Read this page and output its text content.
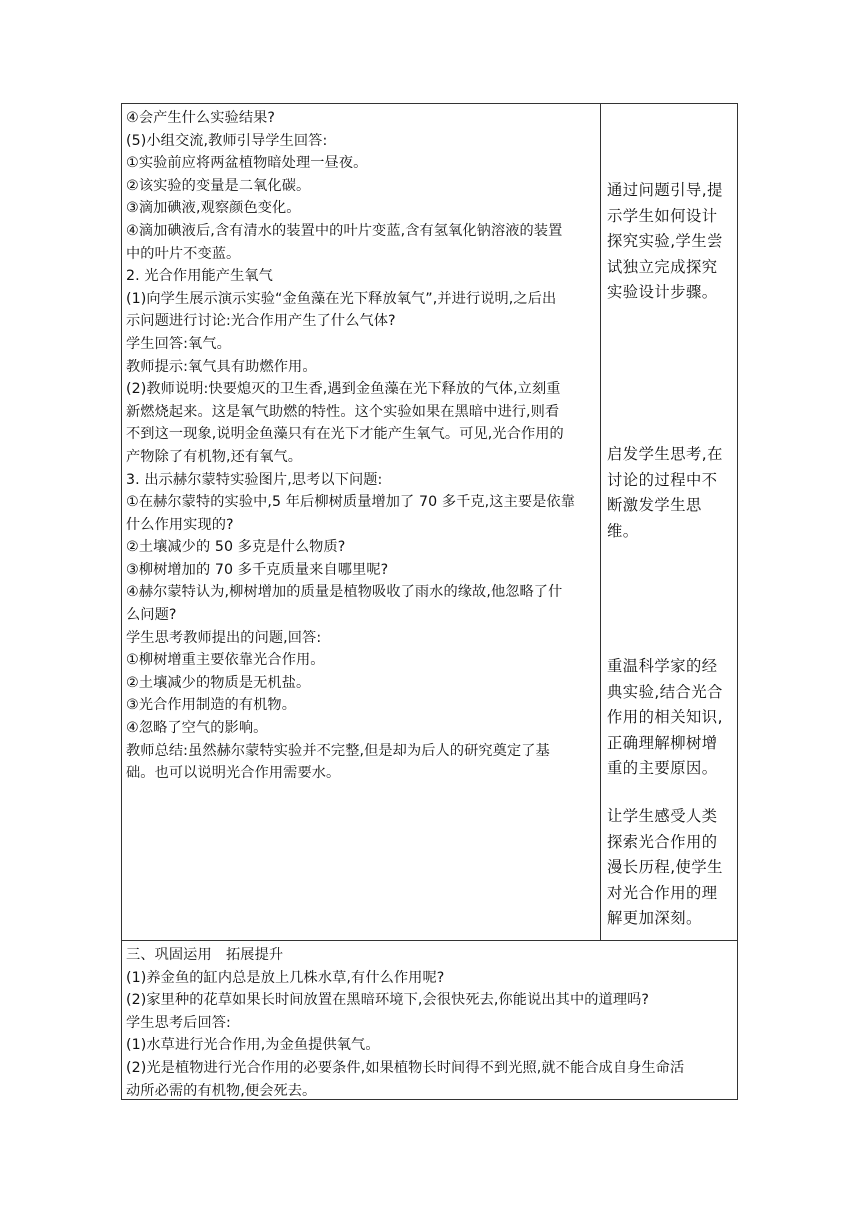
④会产生什么实验结果?

(5)小组交流,教师引导学生回答:

①实验前应将两盆植物暗处理一昼夜。

②该实验的变量是二氧化碳。

③滴加碘液,观察颜色变化。

④滴加碘液后,含有清水的装置中的叶片变蓝,含有氢氧化钠溶液的装置

中的叶片不变蓝。

2. 光合作用能产生氧气

(1)向学生展示演示实验“金鱼藻在光下释放氧气”,并进行说明,之后出

示问题进行讨论:光合作用产生了什么气体?

学生回答:氧气。

教师提示:氧气具有助燃作用。

(2)教师说明:快要熄灭的卫生香,遇到金鱼藻在光下释放的气体,立刻重

新燃烧起来。这是氧气助燃的特性。这个实验如果在黑暗中进行,则看

不到这一现象,说明金鱼藻只有在光下才能产生氧气。可见,光合作用的

产物除了有机物,还有氧气。

3. 出示赫尔蒙特实验图片,思考以下问题:

①在赫尔蒙特的实验中,5 年后柳树质量增加了 70 多千克,这主要是依靠

什么作用实现的?

②土壤减少的 50 多克是什么物质?

③柳树增加的 70 多千克质量来自哪里呢?

④赫尔蒙特认为,柳树增加的质量是植物吸收了雨水的缘故,他忽略了什

么问题?

学生思考教师提出的问题,回答:

①柳树增重主要依靠光合作用。

②土壤减少的物质是无机盐。

③光合作用制造的有机物。

④忽略了空气的影响。

教师总结:虽然赫尔蒙特实验并不完整,但是却为后人的研究奠定了基

础。也可以说明光合作用需要水。

通过问题引导,提

示学生如何设计

探究实验,学生尝

试独立完成探究

实验设计步骤。

启发学生思考,在

讨论的过程中不

断激发学生思维。

重温科学家的经

典实验,结合光合

作用的相关知识,

正确理解柳树增

重的主要原因。

让学生感受人类

探索光合作用的

漫长历程,使学生

对光合作用的理

解更加深刻。

三、巩固运用　拓展提升

(1)养金鱼的缸内总是放上几株水草,有什么作用呢?

(2)家里种的花草如果长时间放置在黑暗环境下,会很快死去,你能说出其中的道理吗?

学生思考后回答:

(1)水草进行光合作用,为金鱼提供氧气。

(2)光是植物进行光合作用的必要条件,如果植物长时间得不到光照,就不能合成自身生命活

动所必需的有机物,便会死去。
